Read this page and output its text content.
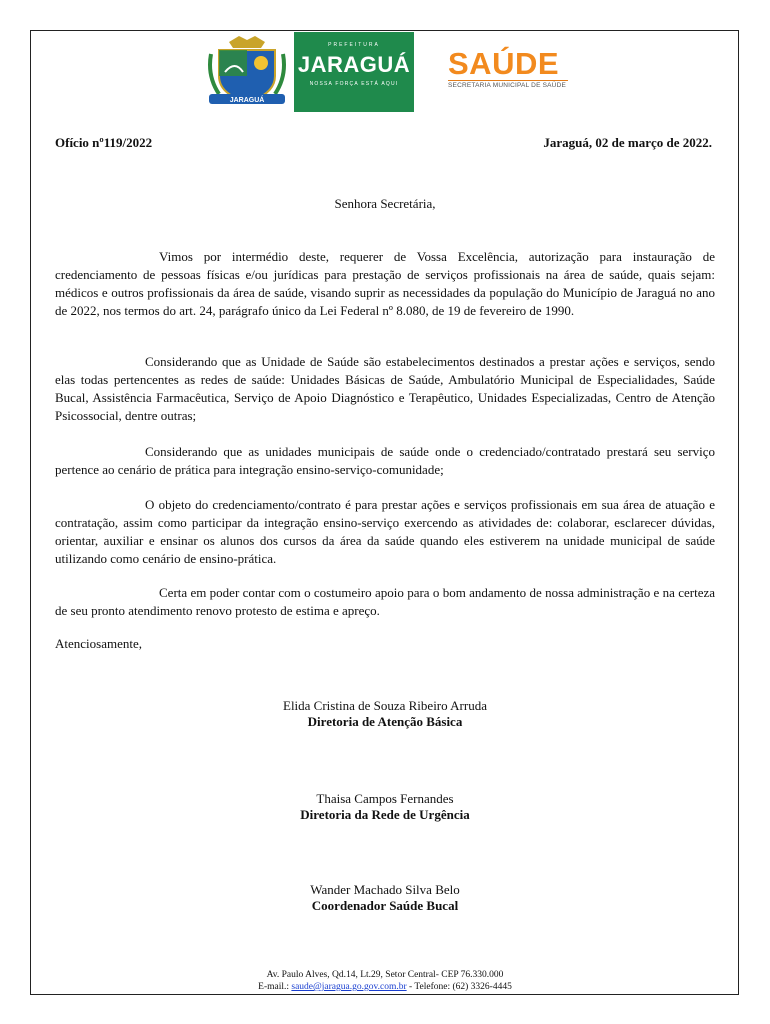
JARAGUÁ
PREFEITURA
JARAGUÁ
NOSSA FORÇA ESTÁ AQUI
SAÚDE
SECRETARIA MUNICIPAL DE SAÚDE
Ofício nº119/2022	Jaraguá, 02 de março de 2022.
Senhora Secretária,
Vimos por intermédio deste, requerer de Vossa Excelência, autorização para instauração de credenciamento de pessoas físicas e/ou jurídicas para prestação de serviços profissionais na área de saúde, quais sejam: médicos e outros profissionais da área de saúde, visando suprir as necessidades da população do Município de Jaraguá no ano de 2022, nos termos do art. 24, parágrafo único da Lei Federal nº 8.080, de 19 de fevereiro de 1990.
Considerando que as Unidade de Saúde são estabelecimentos destinados a prestar ações e serviços, sendo elas todas pertencentes as redes de saúde: Unidades Básicas de Saúde, Ambulatório Municipal de Especialidades, Saúde Bucal, Assistência Farmacêutica, Serviço de Apoio Diagnóstico e Terapêutico, Unidades Especializadas, Centro de Atenção Psicossocial, dentre outras;
Considerando que as unidades municipais de saúde onde o credenciado/contratado prestará seu serviço pertence ao cenário de prática para integração ensino-serviço-comunidade;
O objeto do credenciamento/contrato é para prestar ações e serviços profissionais em sua área de atuação e contratação, assim como participar da integração ensino-serviço exercendo as atividades de: colaborar, esclarecer dúvidas, orientar, auxiliar e ensinar os alunos dos cursos da área da saúde quando eles estiverem na unidade municipal de saúde utilizando como cenário de ensino-prática.
Certa em poder contar com o costumeiro apoio para o bom andamento de nossa administração e na certeza de seu pronto atendimento renovo protesto de estima e apreço.
Atenciosamente,
Elida Cristina de Souza Ribeiro Arruda
Diretoria de Atenção Básica
Thaisa Campos Fernandes
Diretoria da Rede de Urgência
Wander Machado Silva Belo
Coordenador Saúde Bucal
Av. Paulo Alves, Qd.14, Lt.29, Setor Central- CEP 76.330.000
E-mail.: saude@jaragua.go.gov.com.br - Telefone: (62) 3326-4445
